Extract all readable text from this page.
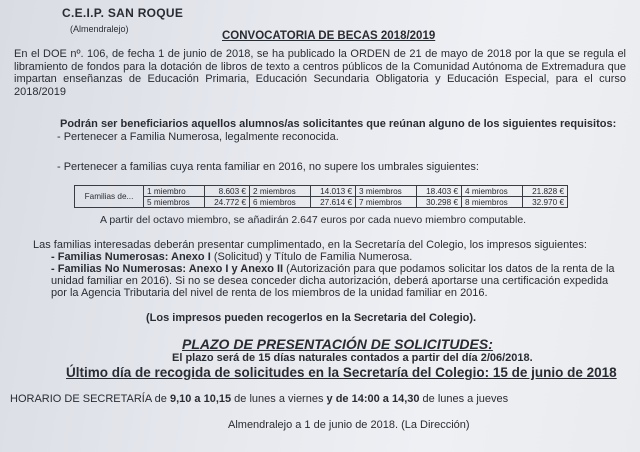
C.E.I.P. SAN ROQUE
(Almendralejo)
CONVOCATORIA DE BECAS 2018/2019
En el DOE nº. 106, de fecha 1 de junio de 2018, se ha publicado la ORDEN de 21 de mayo de 2018 por la que se regula el libramiento de fondos para la dotación de libros de texto a centros públicos de la Comunidad Autónoma de Extremadura que impartan enseñanzas de Educación Primaria, Educación Secundaria Obligatoria y Educación Especial, para el curso 2018/2019
Podrán ser beneficiarios aquellos alumnos/as solicitantes que reúnan alguno de los siguientes requisitos:
- Pertenecer a Familia Numerosa, legalmente reconocida.
- Pertenecer a familias cuya renta familiar en 2016, no supere los umbrales siguientes:
Familias de...	1 miembro	8.603 €	2 miembros	14.013 €	3 miembros	18.403 €	4 miembros	21.828 €
	5 miembros	24.772 €	6 miembros	27.614 €	7 miembros	30.298 €	8 miembros	32.970 €
A partir del octavo miembro, se añadirán 2.647 euros por cada nuevo miembro computable.
Las familias interesadas deberán presentar cumplimentado, en la Secretaría del Colegio, los impresos siguientes:
- Familias Numerosas: Anexo I (Solicitud) y Título de Familia Numerosa.
- Familias No Numerosas: Anexo I y Anexo II (Autorización para que podamos solicitar los datos de la renta de la unidad familiar en 2016). Si no se desea conceder dicha autorización, deberá aportarse una certificación expedida por la Agencia Tributaria del nivel de renta de los miembros de la unidad familiar en 2016.
(Los impresos pueden recogerlos en la Secretaria del Colegio).
PLAZO DE PRESENTACIÓN DE SOLICITUDES:
El plazo será de 15 días naturales contados a partir del día 2/06/2018.
Último día de recogida de solicitudes en la Secretaría del Colegio: 15 de junio de 2018
HORARIO DE SECRETARÍA de 9,10 a 10,15 de lunes a viernes y de 14:00 a 14,30 de lunes a jueves
Almendralejo a 1 de junio de 2018. (La Dirección)
